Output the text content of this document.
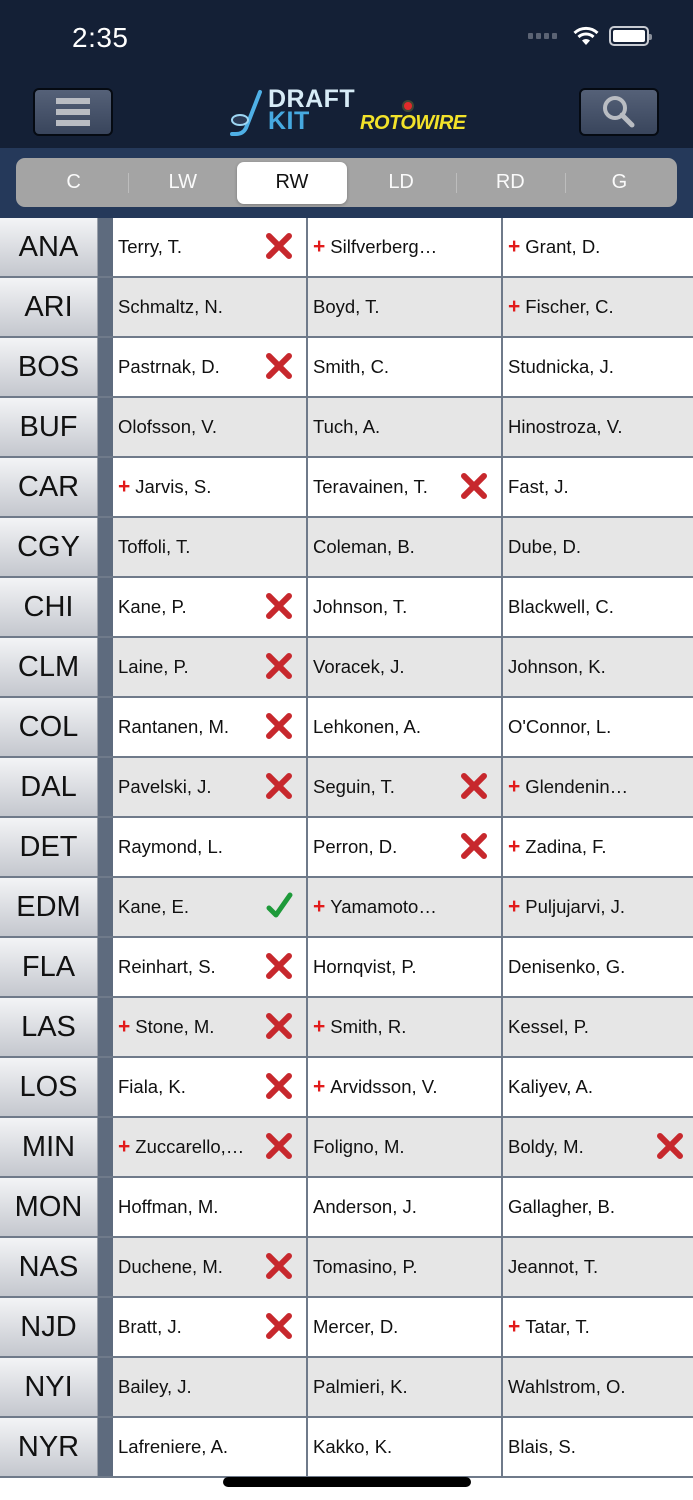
2:35
DRAFT
KIT	ROTOWIRE
C	LW	RW	LD	RD	G
ANA	Terry, T.	+ Silfverberg…	+ Grant, D.
ARI	Schmaltz, N.	Boyd, T.	+ Fischer, C.
BOS	Pastrnak, D.	Smith, C.	Studnicka, J.
BUF	Olofsson, V.	Tuch, A.	Hinostroza, V.
CAR	+ Jarvis, S.	Teravainen, T.	Fast, J.
CGY	Toffoli, T.	Coleman, B.	Dube, D.
CHI	Kane, P.	Johnson, T.	Blackwell, C.
CLM	Laine, P.	Voracek, J.	Johnson, K.
COL	Rantanen, M.	Lehkonen, A.	O'Connor, L.
DAL	Pavelski, J.	Seguin, T.	+ Glendenin…
DET	Raymond, L.	Perron, D.	+ Zadina, F.
EDM	Kane, E.	+ Yamamoto…	+ Puljujarvi, J.
FLA	Reinhart, S.	Hornqvist, P.	Denisenko, G.
LAS	+ Stone, M.	+ Smith, R.	Kessel, P.
LOS	Fiala, K.	+ Arvidsson, V.	Kaliyev, A.
MIN	+ Zuccarello,…	Foligno, M.	Boldy, M.
MON	Hoffman, M.	Anderson, J.	Gallagher, B.
NAS	Duchene, M.	Tomasino, P.	Jeannot, T.
NJD	Bratt, J.	Mercer, D.	+ Tatar, T.
NYI	Bailey, J.	Palmieri, K.	Wahlstrom, O.
NYR	Lafreniere, A.	Kakko, K.	Blais, S.
